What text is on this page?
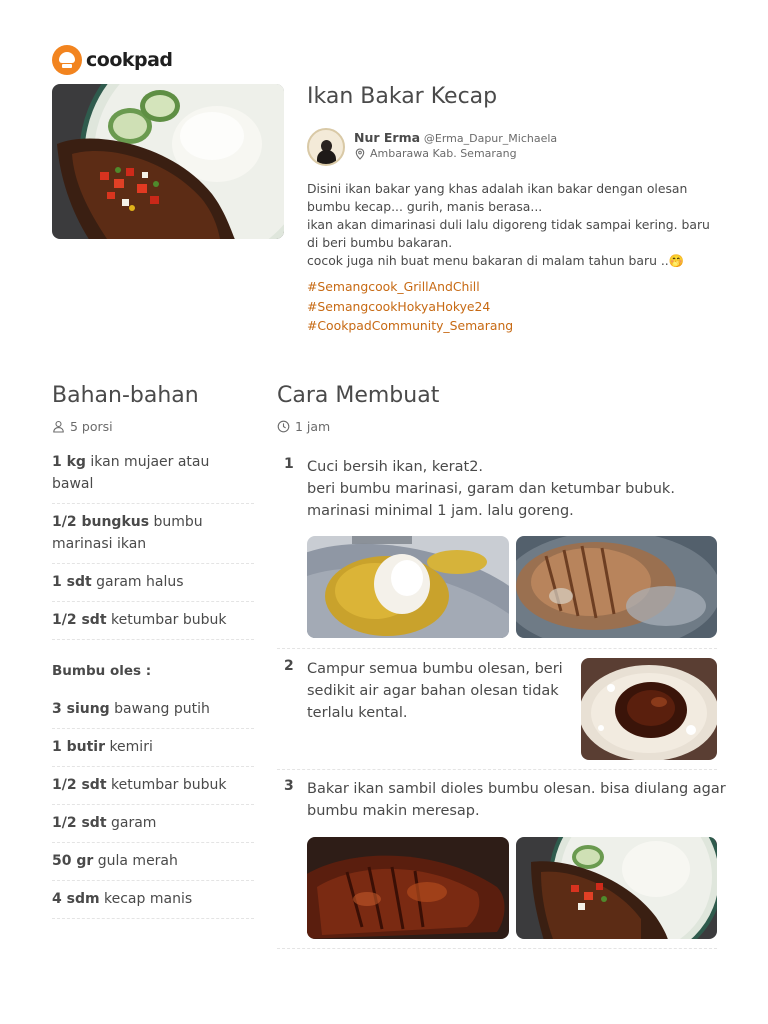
cookpad
Ikan Bakar Kecap
Nur Erma @Erma_Dapur_Michaela
Ambarawa Kab. Semarang

Disini ikan bakar yang khas adalah ikan bakar dengan olesan

bumbu kecap... gurih, manis berasa...

ikan akan dimarinasi duli lalu digoreng tidak sampai kering. baru

di beri bumbu bakaran.

cocok juga nih buat menu bakaran di malam tahun baru ..🤭

#Semangcook_GrillAndChill
#SemangcookHokyaHokye24
#CookpadCommunity_Semarang
Bahan-bahan
5 porsi
1 kg ikan mujaer atau bawal
1/2 bungkus bumbu marinasi ikan
1 sdt garam halus
1/2 sdt ketumbar bubuk
Bumbu oles :
3 siung bawang putih
1 butir kemiri
1/2 sdt ketumbar bubuk
1/2 sdt garam
50 gr gula merah
4 sdm kecap manis
Cara Membuat
1 jam
1 Cuci bersih ikan, kerat2.

beri bumbu marinasi, garam dan ketumbar bubuk.

marinasi minimal 1 jam. lalu goreng.

2 Campur semua bumbu olesan, beri

sedikit air agar bahan olesan tidak

terlalu kental.

3 Bakar ikan sambil dioles bumbu olesan. bisa diulang agar

bumbu makin meresap.
